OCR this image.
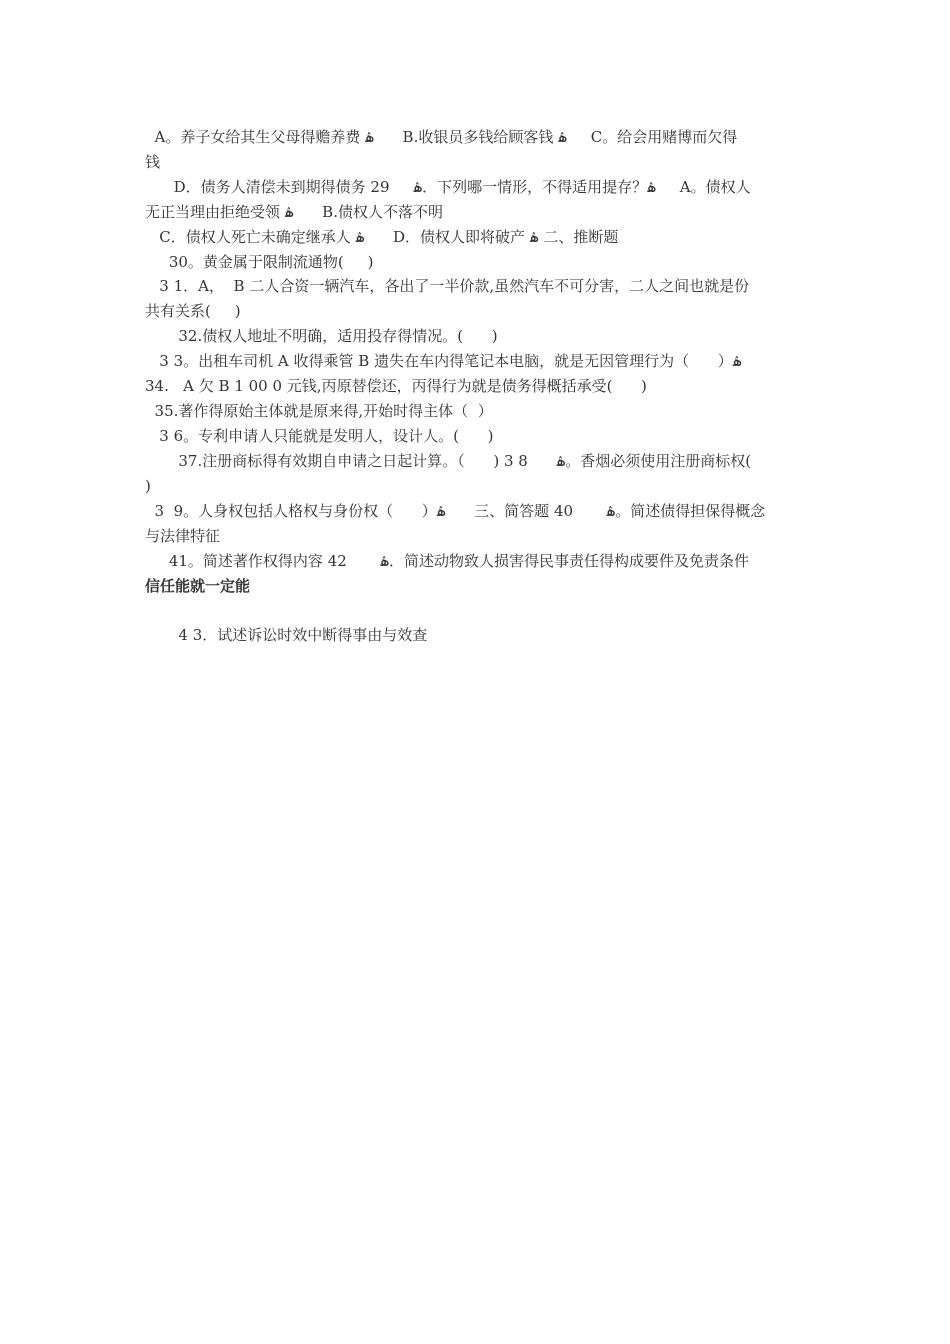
A。养子女给其生父母得赡养费 ۿ      B.收银员多钱给顾客钱 ۿ     C。给会用赌博而欠得
钱
D．债务人清偿未到期得债务 29     ۿ．下列哪一情形，不得适用提存？ۿ     A。债权人
无正当理由拒绝受领 ۿ      B.债权人不落不明
C．债权人死亡未确定继承人 ۿ      D．债权人即将破产 ۿ 二、推断题
30。黄金属于限制流通物(     )
3 1．A，  B 二人合资一辆汽车，各出了一半价款,虽然汽车不可分害，二人之间也就是份
共有关系(     )
32.债权人地址不明确，适用投存得情况。(      )
3 3。出租车司机 A 收得乘管 B 遗失在车内得笔记本电脑，就是无因管理行为（      ）ۿ
34.   A 欠 B 1 00 0 元钱,丙原替偿还，丙得行为就是债务得概括承受(      )
35.著作得原始主体就是原来得,开始时得主体（  ）
3 6。专利申请人只能就是发明人，设计人。(      )
37.注册商标得有效期自申请之日起计算。（      ) 3 8      ۿ。香烟必须使用注册商标权(
)
3  9。人身权包括人格权与身份权（      ）ۿ      三、简答题 40       ۿ。简述债得担保得概念
与法律特征
41。简述著作权得内容 42       ۿ．简述动物致人损害得民事责任得构成要件及免责条件
信任能就一定能
4 3．试述诉讼时效中断得事由与效查
